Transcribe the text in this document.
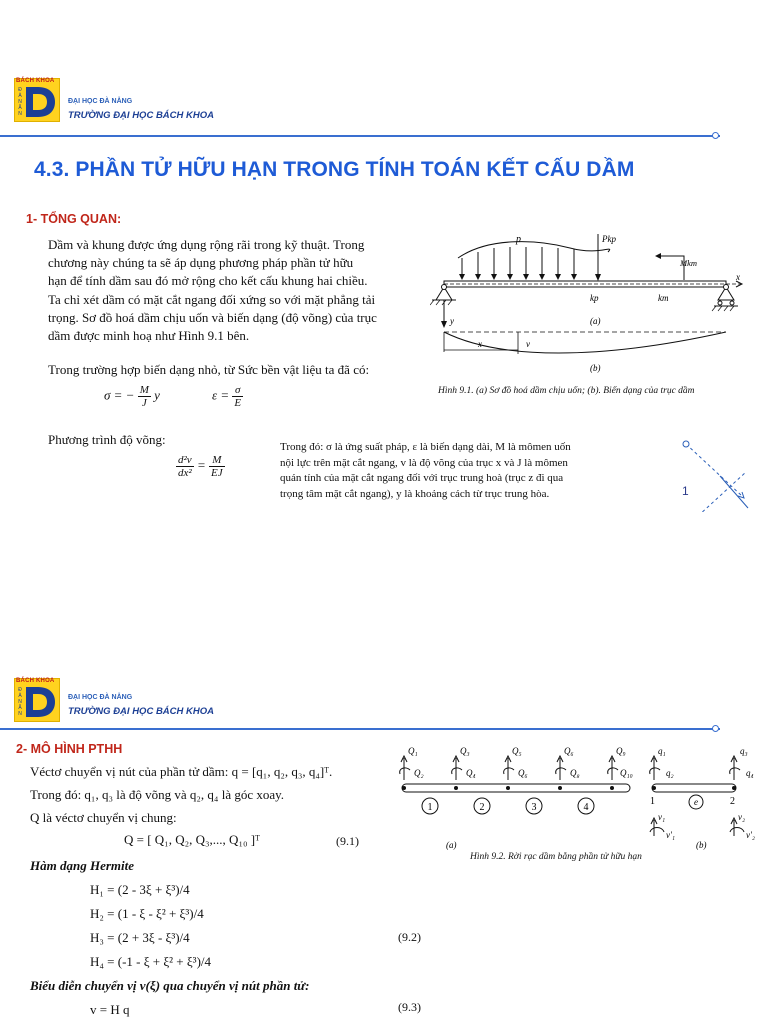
BÁCH KHOA
Đ
À
N
Ẵ
N
ĐẠI HỌC ĐÀ NẴNG
TRƯỜNG ĐẠI HỌC BÁCH KHOA
4.3. PHẦN TỬ HỮU HẠN TRONG TÍNH TOÁN KẾT CẤU DẦM
1- TỔNG QUAN:
Dầm và khung được ứng dụng rộng rãi trong kỹ thuật. Trong
chương này chúng ta sẽ áp dụng phương pháp phần tử hữu
hạn để tính dầm sau đó mở rộng cho kết cấu khung hai chiều.
Ta chỉ xét dầm có mặt cắt ngang đối xứng so với mặt phẳng tải
trọng. Sơ đồ hoá dầm chịu uốn và biến dạng (độ võng) của trục
dầm được minh hoạ như Hình 9.1 bên.
Trong trường hợp biến dạng nhỏ, từ Sức bền vật liệu ta đã có:
σ = − $\frac{M}{J}$ y	$\varepsilon = \frac{\sigma}{E}$
Phương trình độ võng:
$\frac{\text{d²v}}{\text{dx²}} = \frac{M}{EJ}$
Trong đó: σ là ứng suất pháp, ε là biến dạng dài, M là mômen uốn
nội lực trên mặt cắt ngang, v là độ võng của trục x và J là mômen
quán tính của mặt cắt ngang đối với trục trung hoà (trục z đi qua
trọng tâm mặt cắt ngang), y là khoảng cách từ trục trung hòa.
p	Pkp
Mkm
x
y
kp	km
(a)
x	v
(b)
Hình 9.1. (a) Sơ đồ hoá dầm chịu uốn; (b). Biến dạng của trục dầm
1
BÁCH KHOA
Đ
À
N
Ẵ
N
ĐẠI HỌC ĐÀ NẴNG
TRƯỜNG ĐẠI HỌC BÁCH KHOA
2- MÔ HÌNH PTHH
Véctơ chuyển vị nút của phần tử dầm: q = [q₁, q₂, q₃, q₄]ᵀ.
Trong đó: q₁, q₃ là độ võng và q₂, q₄ là góc xoay.
Q là véctơ chuyển vị chung:
Q = [ Q₁, Q₂, Q₃,..., Q₁₀ ]ᵀ	(9.1)
Hàm dạng Hermite
H₁ = (2 - 3ξ + ξ³)/4
H₂ = (1 - ξ - ξ² + ξ³)/4
H₃ = (2 + 3ξ - ξ³)/4	(9.2)
H₄ = (-1 - ξ + ξ² + ξ³)/4
Biểu diễn chuyển vị v(ξ) qua chuyển vị nút phần tử:
v = H q	(9.3)
Q₁	Q₃	Q₅	Q₆	Q₉
Q₂	Q₄	Q₆	Q₈	Q₁₀
1	2	3	4
(a)
q₁
q₂
q₃
q₄
v₁
v'₁
v₂
v'₂
(b)
1	2
e
Hình 9.2. Rời rạc dầm bằng phần tử hữu hạn
